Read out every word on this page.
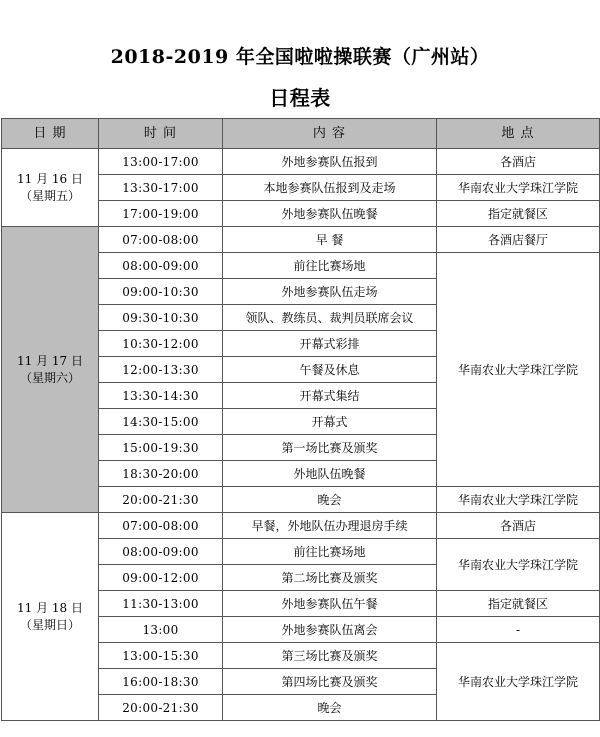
2018-2019 年全国啦啦操联赛（广州站）
日程表
日 期	时 间	内 容	地 点	

11 月 16 日
（星期五）	13:00-17:00	外地参赛队伍报到	各酒店	
	13:30-17:00	本地参赛队伍报到及走场	华南农业大学珠江学院	
	17:00-19:00	外地参赛队伍晚餐	指定就餐区	

11 月 17 日
（星期六）	07:00-08:00	早 餐	各酒店餐厅	
	08:00-09:00	前往比赛场地	华南农业大学珠江学院	
	09:00-10:30	外地参赛队伍走场		
	09:30-10:30	领队、教练员、裁判员联席会议		
	10:30-12:00	开幕式彩排		
	12:00-13:30	午餐及休息		
	13:30-14:30	开幕式集结		
	14:30-15:00	开幕式		
	15:00-19:30	第一场比赛及颁奖		
	18:30-20:00	外地队伍晚餐	
	20:00-21:30	晚会	华南农业大学珠江学院	

11 月 18 日
（星期日）	07:00-08:00	早餐，外地队伍办理退房手续	各酒店	
	08:00-09:00	前往比赛场地	华南农业大学珠江学院	
	09:00-12:00	第二场比赛及颁奖		
	11:30-13:00	外地参赛队伍午餐	指定就餐区	
	13:00	外地参赛队伍离会	-	
	13:00-15:30	第三场比赛及颁奖	华南农业大学珠江学院	
	16:00-18:30	第四场比赛及颁奖		
	20:00-21:30	晚会		
